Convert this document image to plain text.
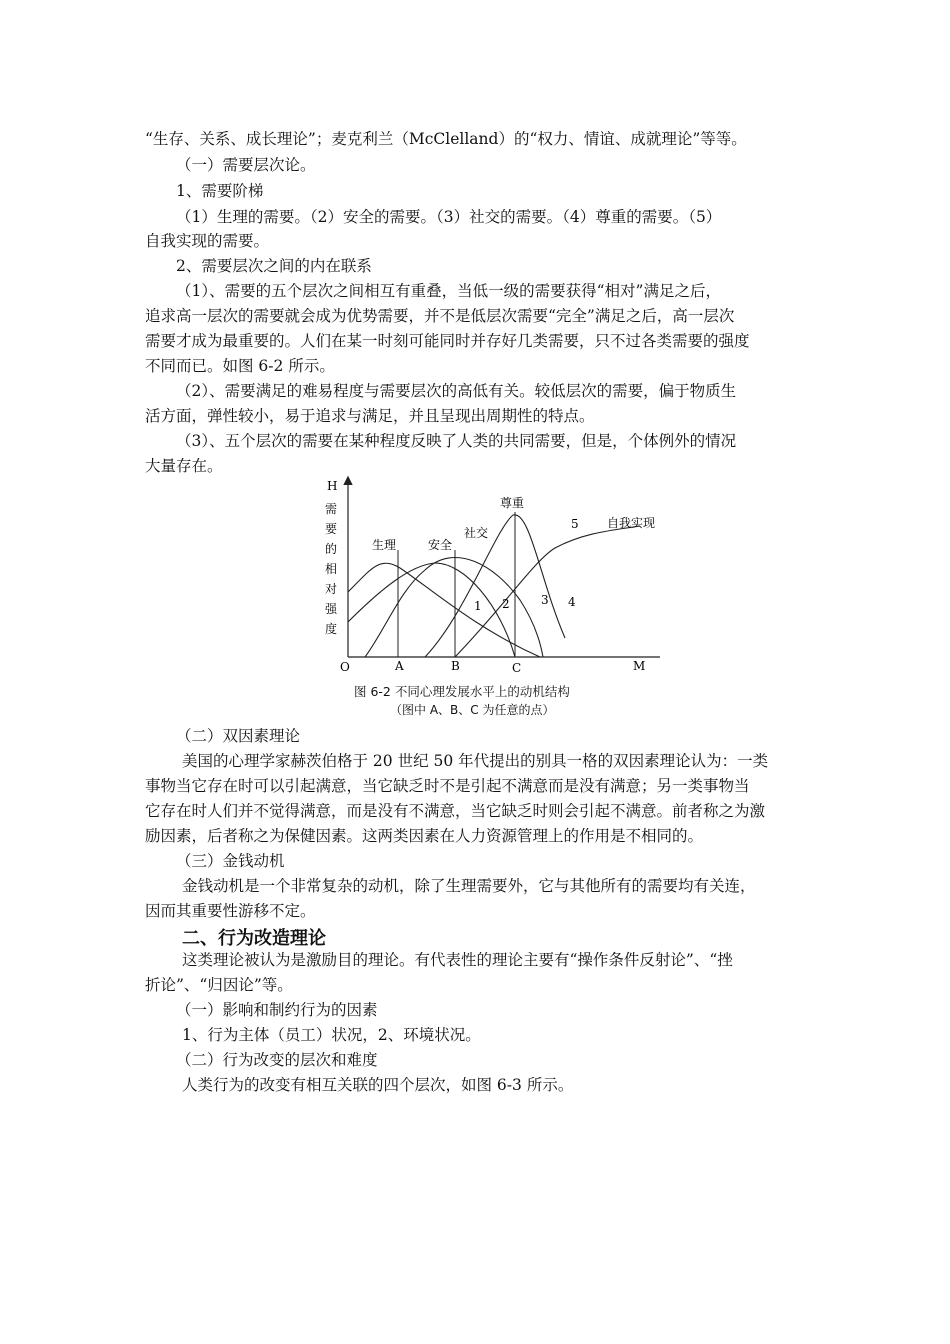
“生存、关系、成长理论”；麦克利兰（McClelland）的“权力、情谊、成就理论”等等。
（一）需要层次论。
1、需要阶梯
（1）生理的需要。（2）安全的需要。（3）社交的需要。（4）尊重的需要。（5）
自我实现的需要。
2、需要层次之间的内在联系
（1）、需要的五个层次之间相互有重叠，当低一级的需要获得“相对”满足之后，
追求高一层次的需要就会成为优势需要，并不是低层次需要“完全”满足之后，高一层次
需要才成为最重要的。人们在某一时刻可能同时并存好几类需要，只不过各类需要的强度
不同而已。如图 6-2 所示。
（2）、需要满足的难易程度与需要层次的高低有关。较低层次的需要，偏于物质生
活方面，弹性较小，易于追求与满足，并且呈现出周期性的特点。
（3）、五个层次的需要在某种程度反映了人类的共同需要，但是，个体例外的情况
大量存在。
H
需
要
的
相
对
强
度
O	A	B	C	M
生理	安全
社交
尊重
自我实现
1 2	3 4
5
图 6-2 不同心理发展水平上的动机结构
（图中 A、B、C 为任意的点）
（二）双因素理论
美国的心理学家赫茨伯格于 20 世纪 50 年代提出的别具一格的双因素理论认为：一类
事物当它存在时可以引起满意，当它缺乏时不是引起不满意而是没有满意；另一类事物当
它存在时人们并不觉得满意，而是没有不满意，当它缺乏时则会引起不满意。前者称之为激
励因素，后者称之为保健因素。这两类因素在人力资源管理上的作用是不相同的。
（三）金钱动机
金钱动机是一个非常复杂的动机，除了生理需要外，它与其他所有的需要均有关连，
因而其重要性游移不定。
二、行为改造理论
这类理论被认为是激励目的理论。有代表性的理论主要有“操作条件反射论”、“挫
折论”、“归因论”等。
（一）影响和制约行为的因素
1、行为主体（员工）状况，2、环境状况。
（二）行为改变的层次和难度
人类行为的改变有相互关联的四个层次，如图 6-3 所示。
